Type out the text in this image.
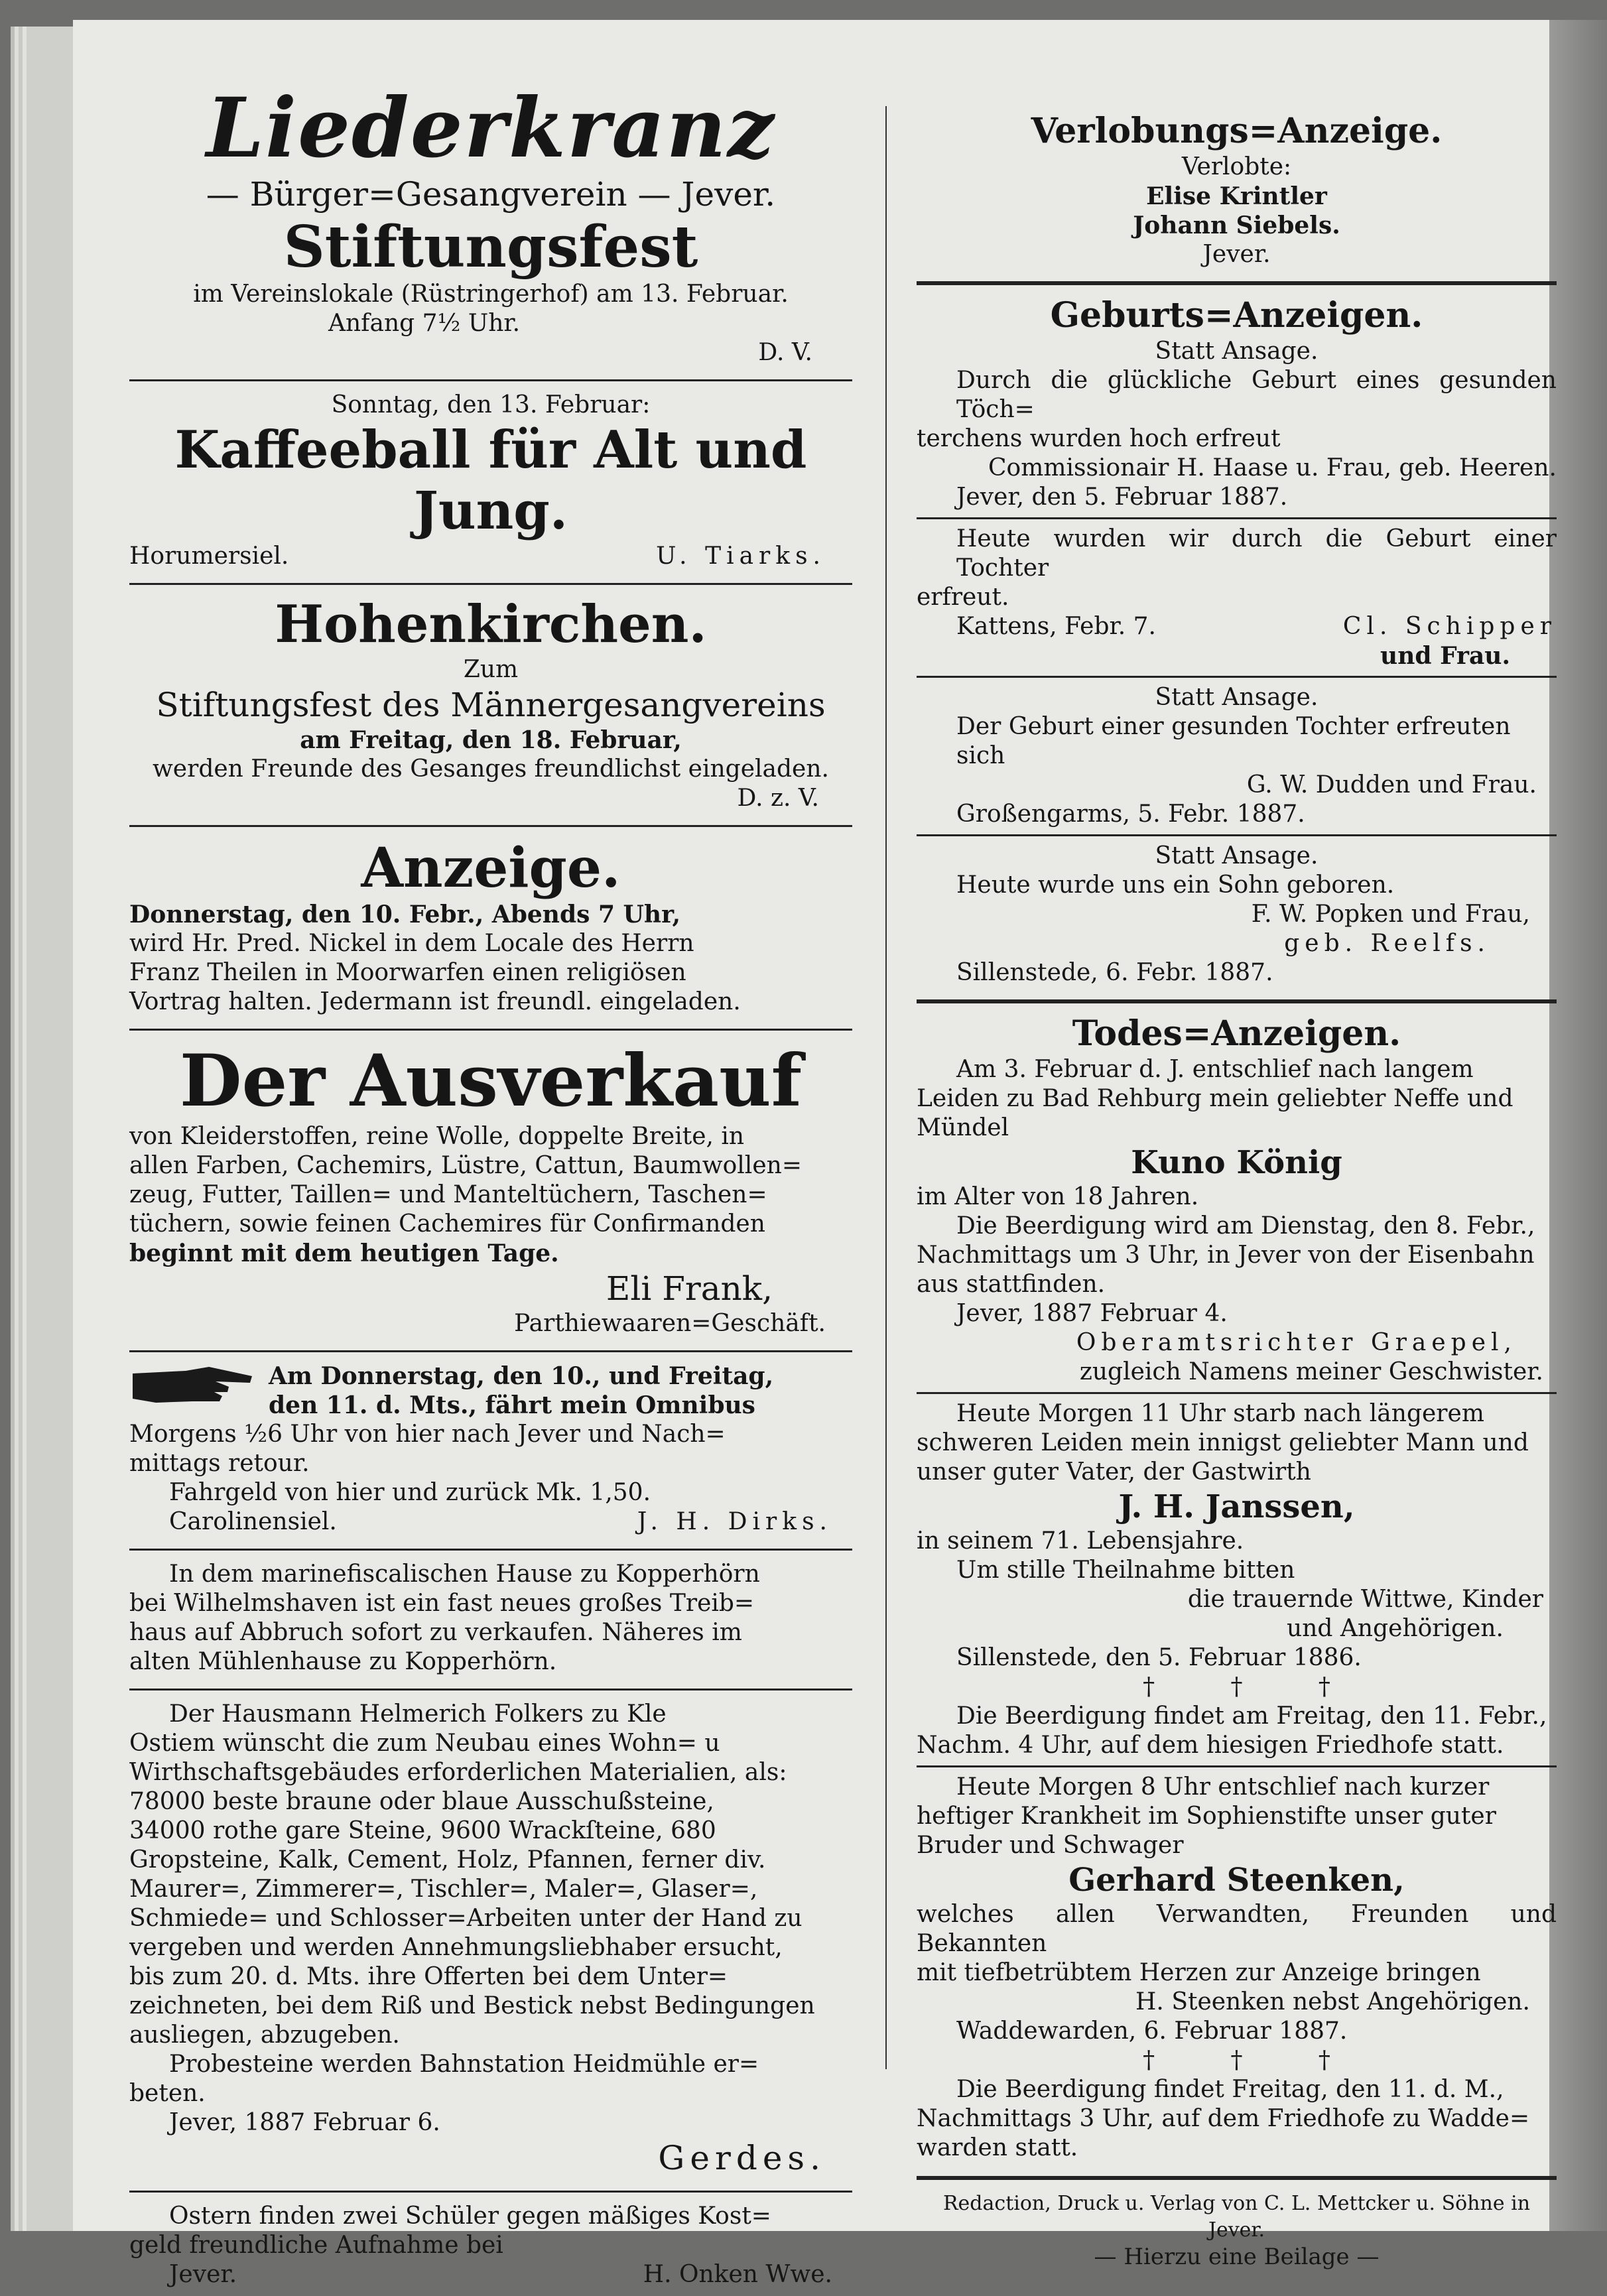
Liederkranz
— Bürger=Gesangverein — Jever.
Stiftungsfest

im Vereinslokale (Rüstringerhof) am 13. Februar.

Anfang 7½ Uhr.

D. V.

Sonntag, den 13. Februar:

Kaffeeball für Alt und Jung.
Horumersiel.	U. Tiarks.
Hohenkirchen.

Zum

Stiftungsfest des Männergesangvereins

am Freitag, den 18. Februar,

werden Freunde des Gesanges freundlichst eingeladen.

D. z. V.

Anzeige.

Donnerstag, den 10. Febr., Abends 7 Uhr,

wird Hr. Pred. Nickel in dem Locale des Herrn

Franz Theilen in Moorwarfen einen religiösen

Vortrag halten. Jedermann ist freundl. eingeladen.

Der Ausverkauf

von Kleiderstoffen, reine Wolle, doppelte Breite, in

allen Farben, Cachemirs, Lüstre, Cattun, Baumwollen=

zeug, Futter, Taillen= und Manteltüchern, Taschen=

tüchern, sowie feinen Cachemires für Confirmanden

beginnt mit dem heutigen Tage.

Eli Frank,

Parthiewaaren=Geschäft.

Am Donnerstag, den 10., und Freitag,

den 11. d. Mts., fährt mein Omnibus

Morgens ½6 Uhr von hier nach Jever und Nach=

mittags retour.

Fahrgeld von hier und zurück Mk. 1,50.

Carolinensiel.	J. H. Dirks.

In dem marinefiscalischen Hause zu Kopperhörn

bei Wilhelmshaven ist ein fast neues großes Treib=

haus auf Abbruch sofort zu verkaufen. Näheres im

alten Mühlenhause zu Kopperhörn.

Der Hausmann Helmerich Folkers zu Kle

Ostiem wünscht die zum Neubau eines Wohn= u

Wirthschaftsgebäudes erforderlichen Materialien, als:

78000 beste braune oder blaue Ausschußsteine,

34000 rothe gare Steine, 9600 Wrackſteine, 680

Gropsteine, Kalk, Cement, Holz, Pfannen, ferner div.

Maurer=, Zimmerer=, Tischler=, Maler=, Glaser=,

Schmiede= und Schlosser=Arbeiten unter der Hand zu

vergeben und werden Annehmungsliebhaber ersucht,

bis zum 20. d. Mts. ihre Offerten bei dem Unter=

zeichneten, bei dem Riß und Bestick nebst Bedingungen

ausliegen, abzugeben.

Probesteine werden Bahnstation Heidmühle er=

beten.

Jever, 1887 Februar 6.

Gerdes.

Ostern finden zwei Schüler gegen mäßiges Kost=

geld freundliche Aufnahme bei

Jever.	H. Onken Wwe.
Verlobungs=Anzeige.

Verlobte:

Elise Krintler

Johann Siebels.

Jever.

Geburts=Anzeigen.

Statt Ansage.

Durch die glückliche Geburt eines gesunden Töch=

terchens wurden hoch erfreut

Commissionair H. Haase u. Frau, geb. Heeren.

Jever, den 5. Februar 1887.

Heute wurden wir durch die Geburt einer Tochter

erfreut.

Kattens, Febr. 7.	Cl. Schipper

und Frau.

Statt Ansage.

Der Geburt einer gesunden Tochter erfreuten sich

G. W. Dudden und Frau.

Großengarms, 5. Febr. 1887.

Statt Ansage.

Heute wurde uns ein Sohn geboren.

F. W. Popken und Frau,

geb. Reelfs.

Sillenstede, 6. Febr. 1887.

Todes=Anzeigen.

Am 3. Februar d. J. entschlief nach langem

Leiden zu Bad Rehburg mein geliebter Neffe und

Mündel

Kuno König

im Alter von 18 Jahren.

Die Beerdigung wird am Dienstag, den 8. Febr.,

Nachmittags um 3 Uhr, in Jever von der Eisenbahn

aus stattfinden.

Jever, 1887 Februar 4.

Oberamtsrichter Graepel,

zugleich Namens meiner Geschwister.

Heute Morgen 11 Uhr starb nach längerem

schweren Leiden mein innigst geliebter Mann und

unser guter Vater, der Gastwirth

J. H. Janssen,

in seinem 71. Lebensjahre.

Um stille Theilnahme bitten

die trauernde Wittwe, Kinder

und Angehörigen.

Sillenstede, den 5. Februar 1886.

†          †          †

Die Beerdigung findet am Freitag, den 11. Febr.,

Nachm. 4 Uhr, auf dem hiesigen Friedhofe statt.

Heute Morgen 8 Uhr entschlief nach kurzer

heftiger Krankheit im Sophienstifte unser guter

Bruder und Schwager

Gerhard Steenken,

welches allen Verwandten, Freunden und Bekannten

mit tiefbetrübtem Herzen zur Anzeige bringen

H. Steenken nebst Angehörigen.

Waddewarden, 6. Februar 1887.

†          †          †

Die Beerdigung findet Freitag, den 11. d. M.,

Nachmittags 3 Uhr, auf dem Friedhofe zu Wadde=

warden statt.

Redaction, Druck u. Verlag von C. L. Mettcker u. Söhne in Jever.

— Hierzu eine Beilage —
